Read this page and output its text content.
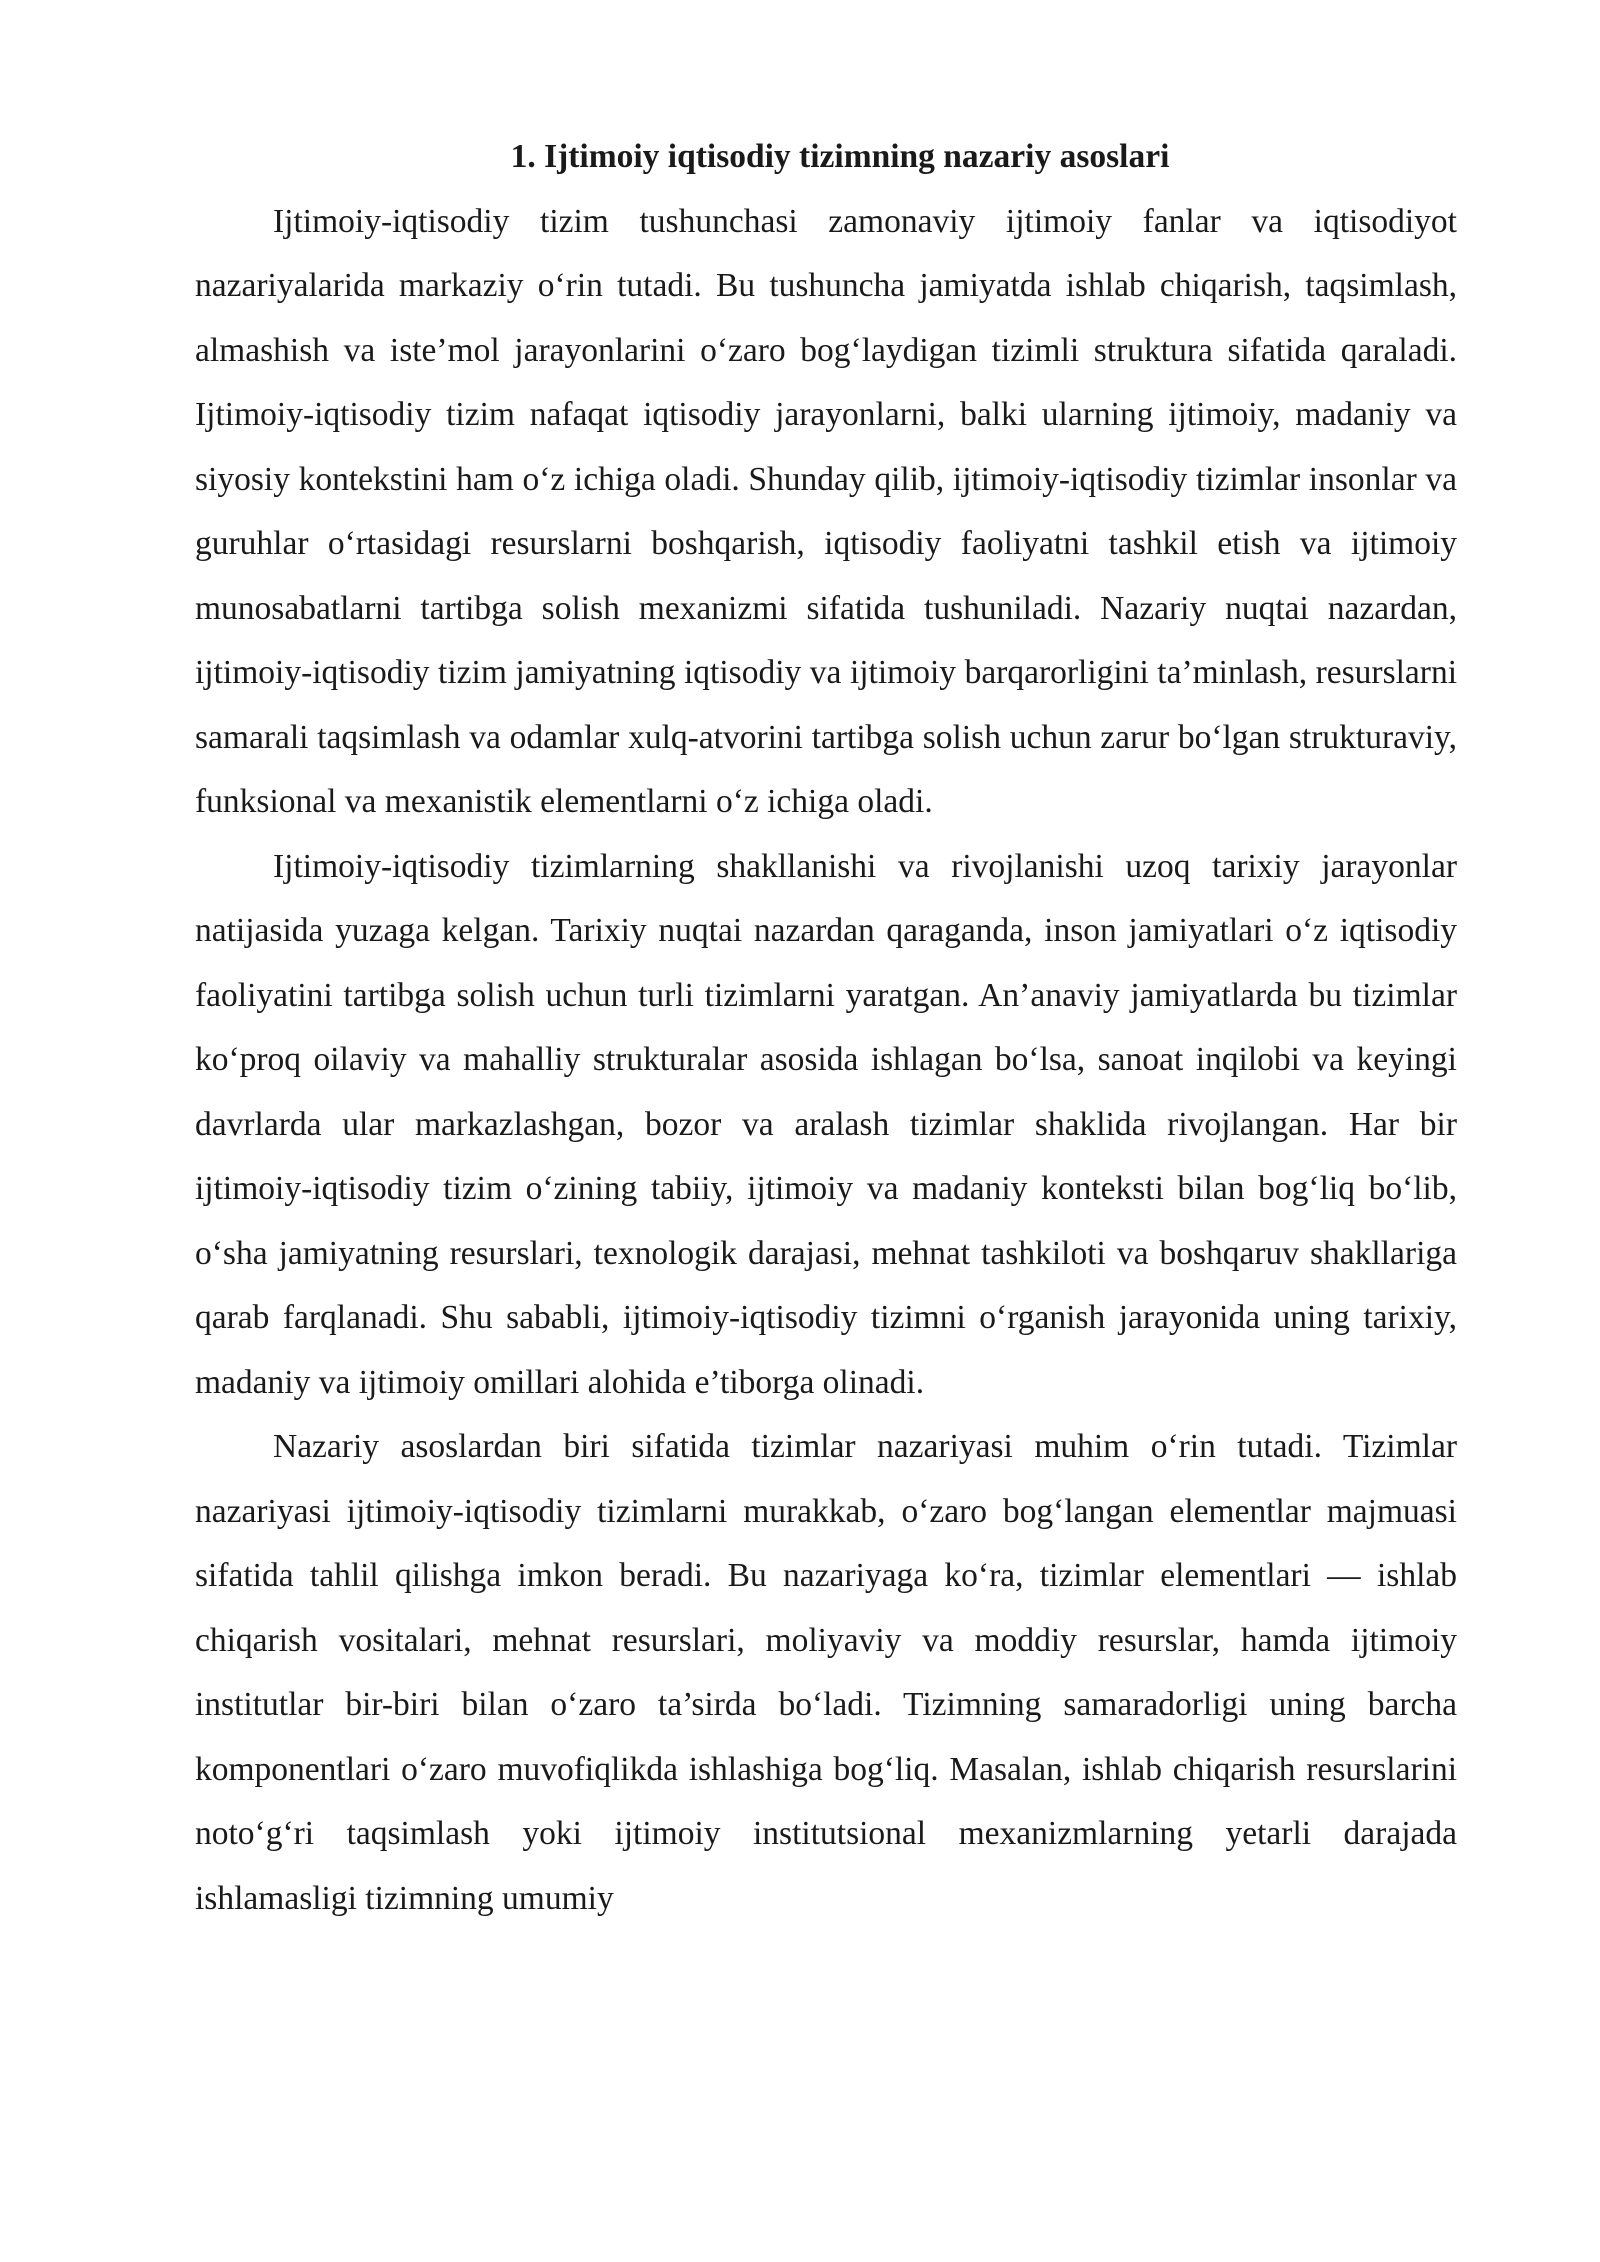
1. Ijtimoiy iqtisodiy tizimning nazariy asoslari

Ijtimoiy-iqtisodiy tizim tushunchasi zamonaviy ijtimoiy fanlar va iqtisodiyot nazariyalarida markaziy o‘rin tutadi. Bu tushuncha jamiyatda ishlab chiqarish, taqsimlash, almashish va iste’mol jarayonlarini o‘zaro bog‘laydigan tizimli struktura sifatida qaraladi. Ijtimoiy-iqtisodiy tizim nafaqat iqtisodiy jarayonlarni, balki ularning ijtimoiy, madaniy va siyosiy kontekstini ham o‘z ichiga oladi. Shunday qilib, ijtimoiy-iqtisodiy tizimlar insonlar va guruhlar o‘rtasidagi resurslarni boshqarish, iqtisodiy faoliyatni tashkil etish va ijtimoiy munosabatlarni tartibga solish mexanizmi sifatida tushuniladi. Nazariy nuqtai nazardan, ijtimoiy-iqtisodiy tizim jamiyatning iqtisodiy va ijtimoiy barqarorligini ta’minlash, resurslarni samarali taqsimlash va odamlar xulq-atvorini tartibga solish uchun zarur bo‘lgan strukturaviy, funksional va mexanistik elementlarni o‘z ichiga oladi.

Ijtimoiy-iqtisodiy tizimlarning shakllanishi va rivojlanishi uzoq tarixiy jarayonlar natijasida yuzaga kelgan. Tarixiy nuqtai nazardan qaraganda, inson jamiyatlari o‘z iqtisodiy faoliyatini tartibga solish uchun turli tizimlarni yaratgan. An’anaviy jamiyatlarda bu tizimlar ko‘proq oilaviy va mahalliy strukturalar asosida ishlagan bo‘lsa, sanoat inqilobi va keyingi davrlarda ular markazlashgan, bozor va aralash tizimlar shaklida rivojlangan. Har bir ijtimoiy-iqtisodiy tizim o‘zining tabiiy, ijtimoiy va madaniy konteksti bilan bog‘liq bo‘lib, o‘sha jamiyatning resurslari, texnologik darajasi, mehnat tashkiloti va boshqaruv shakllariga qarab farqlanadi. Shu sababli, ijtimoiy-iqtisodiy tizimni o‘rganish jarayonida uning tarixiy, madaniy va ijtimoiy omillari alohida e’tiborga olinadi.

Nazariy asoslardan biri sifatida tizimlar nazariyasi muhim o‘rin tutadi. Tizimlar nazariyasi ijtimoiy-iqtisodiy tizimlarni murakkab, o‘zaro bog‘langan elementlar majmuasi sifatida tahlil qilishga imkon beradi. Bu nazariyaga ko‘ra, tizimlar elementlari — ishlab chiqarish vositalari, mehnat resurslari, moliyaviy va moddiy resurslar, hamda ijtimoiy institutlar bir-biri bilan o‘zaro ta’sirda bo‘ladi. Tizimning samaradorligi uning barcha komponentlari o‘zaro muvofiqlikda ishlashiga bog‘liq. Masalan, ishlab chiqarish resurslarini noto‘g‘ri taqsimlash yoki ijtimoiy institutsional mexanizmlarning yetarli darajada ishlamasligi tizimning umumiy
